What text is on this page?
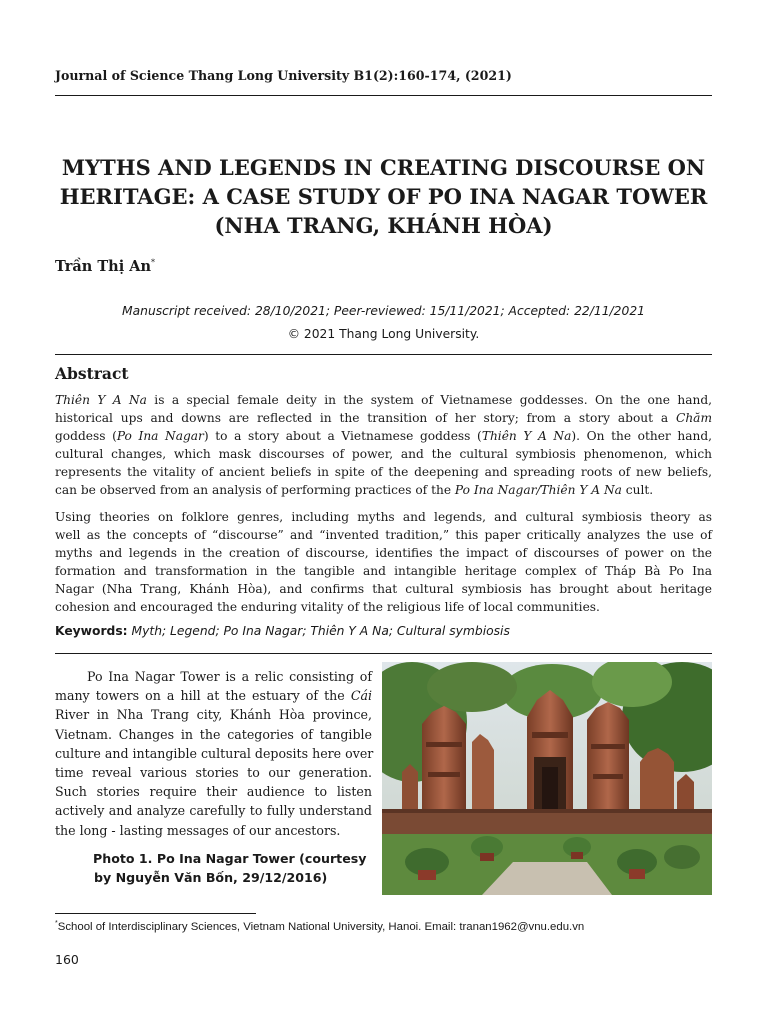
Journal of Science Thang Long University B1(2):160-174, (2021)
MYTHS AND LEGENDS IN CREATING DISCOURSE ON
HERITAGE: A CASE STUDY OF PO INA NAGAR TOWER
(NHA TRANG, KHÁNH HÒA)
Trần Thị An*
Manuscript received: 28/10/2021; Peer-reviewed: 15/11/2021; Accepted: 22/11/2021
© 2021 Thang Long University.
Abstract
Thiên Y A Na is a special female deity in the system of Vietnamese goddesses. On the one hand,
historical ups and downs are reflected in the transition of her story; from a story about a Chăm
goddess (Po Ina Nagar) to a story about a Vietnamese goddess (Thiên Y A Na). On the other hand,
cultural changes, which mask discourses of power, and the cultural symbiosis phenomenon, which
represents the vitality of ancient beliefs in spite of the deepening and spreading roots of new beliefs,
can be observed from an analysis of performing practices of the Po Ina Nagar/Thiên Y A Na cult.
Using theories on folklore genres, including myths and legends, and cultural symbiosis theory as
well as the concepts of “discourse” and “invented tradition,” this paper critically analyzes the use of
myths and legends in the creation of discourse, identifies the impact of discourses of power on the
formation and transformation in the tangible and intangible heritage complex of Tháp Bà Po Ina
Nagar (Nha Trang, Khánh Hòa), and confirms that cultural symbiosis has brought about heritage
cohesion and encouraged the enduring vitality of the religious life of local communities.
Keywords: Myth; Legend; Po Ina Nagar; Thiên Y A Na; Cultural symbiosis
Po Ina Nagar Tower is a relic consisting of
many towers on a hill at the estuary of the Cái
River in Nha Trang city, Khánh Hòa province,
Vietnam. Changes in the categories of tangible
culture and intangible cultural deposits here over
time reveal various stories to our generation.
Such stories require their audience to listen
actively and analyze carefully to fully understand
the long - lasting messages of our ancestors.
Photo 1. Po Ina Nagar Tower (courtesy
by Nguyễn Văn Bốn, 29/12/2016)
*School of Interdisciplinary Sciences, Vietnam National University, Hanoi. Email: tranan1962@vnu.edu.vn
160
